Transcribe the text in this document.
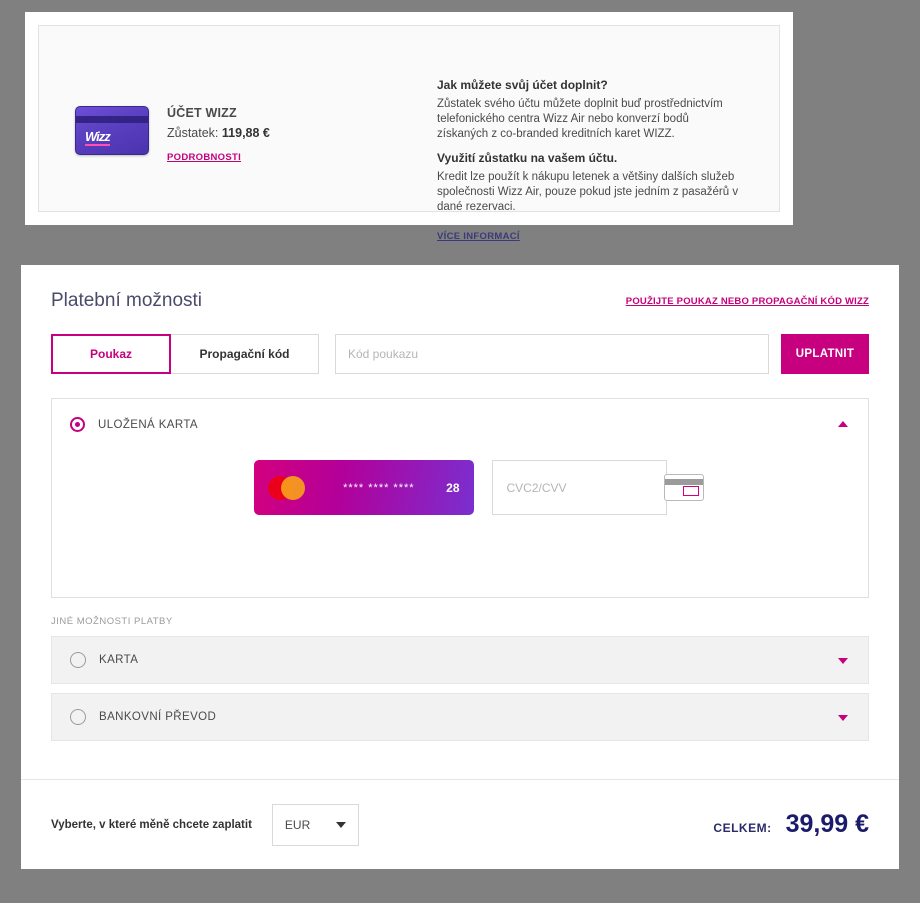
Wizz
ÚČET WIZZ
Zůstatek: 119,88 €
PODROBNOSTI
Jak můžete svůj účet doplnit?

Zůstatek svého účtu můžete doplnit buď prostřednictvím telefonického centra Wizz Air nebo konverzí bodů získaných z co-branded kreditních karet WIZZ.

Využití zůstatku na vašem účtu.

Kredit lze použít k nákupu letenek a většiny dalších služeb společnosti Wizz Air, pouze pokud jste jedním z pasažérů v dané rezervaci.

VÍCE INFORMACÍ
Platební možnosti	POUŽIJTE POUKAZ NEBO PROPAGAČNÍ KÓD WIZZ
Poukaz	Propagační kód
Kód poukazu	UPLATNIT
ULOŽENÁ KARTA
**** **** ****	28
CVC2/CVV
JINÉ MOŽNOSTI PLATBY
KARTA
BANKOVNÍ PŘEVOD
Vyberte, v které měně chcete zaplatit	EUR	CELKEM: 39,99 €
